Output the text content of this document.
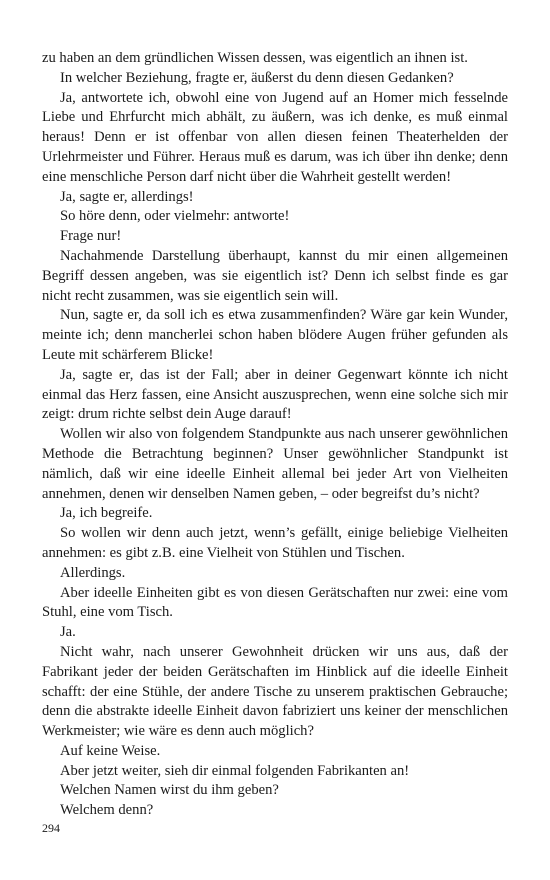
zu haben an dem gründlichen Wissen dessen, was eigentlich an ihnen ist.

In welcher Beziehung, fragte er, äußerst du denn diesen Gedanken?

Ja, antwortete ich, obwohl eine von Jugend auf an Homer mich fesselnde Liebe und Ehrfurcht mich abhält, zu äußern, was ich denke, es muß einmal heraus! Denn er ist offenbar von allen diesen feinen Theaterhelden der Urlehrmeister und Führer. Heraus muß es darum, was ich über ihn denke; denn eine menschliche Person darf nicht über die Wahrheit gestellt werden!

Ja, sagte er, allerdings!

So höre denn, oder vielmehr: antworte!

Frage nur!

Nachahmende Darstellung überhaupt, kannst du mir einen allgemeinen Begriff dessen angeben, was sie eigentlich ist? Denn ich selbst finde es gar nicht recht zusammen, was sie eigentlich sein will.

Nun, sagte er, da soll ich es etwa zusammenfinden? Wäre gar kein Wunder, meinte ich; denn mancherlei schon haben blödere Augen früher gefunden als Leute mit schärferem Blicke!

Ja, sagte er, das ist der Fall; aber in deiner Gegenwart könnte ich nicht einmal das Herz fassen, eine Ansicht auszusprechen, wenn eine solche sich mir zeigt: drum richte selbst dein Auge darauf!

Wollen wir also von folgendem Standpunkte aus nach unserer gewöhnlichen Methode die Betrachtung beginnen? Unser gewöhnlicher Standpunkt ist nämlich, daß wir eine ideelle Einheit allemal bei jeder Art von Vielheiten annehmen, denen wir denselben Namen geben, – oder begreifst du’s nicht?

Ja, ich begreife.

So wollen wir denn auch jetzt, wenn’s gefällt, einige beliebige Vielheiten annehmen: es gibt z.B. eine Vielheit von Stühlen und Tischen.

Allerdings.

Aber ideelle Einheiten gibt es von diesen Gerätschaften nur zwei: eine vom Stuhl, eine vom Tisch.

Ja.

Nicht wahr, nach unserer Gewohnheit drücken wir uns aus, daß der Fabrikant jeder der beiden Gerätschaften im Hinblick auf die ideelle Einheit schafft: der eine Stühle, der andere Tische zu unserem praktischen Gebrauche; denn die abstrakte ideelle Einheit davon fabriziert uns keiner der menschlichen Werkmeister; wie wäre es denn auch möglich?

Auf keine Weise.

Aber jetzt weiter, sieh dir einmal folgenden Fabrikanten an!

Welchen Namen wirst du ihm geben?

Welchem denn?

294
